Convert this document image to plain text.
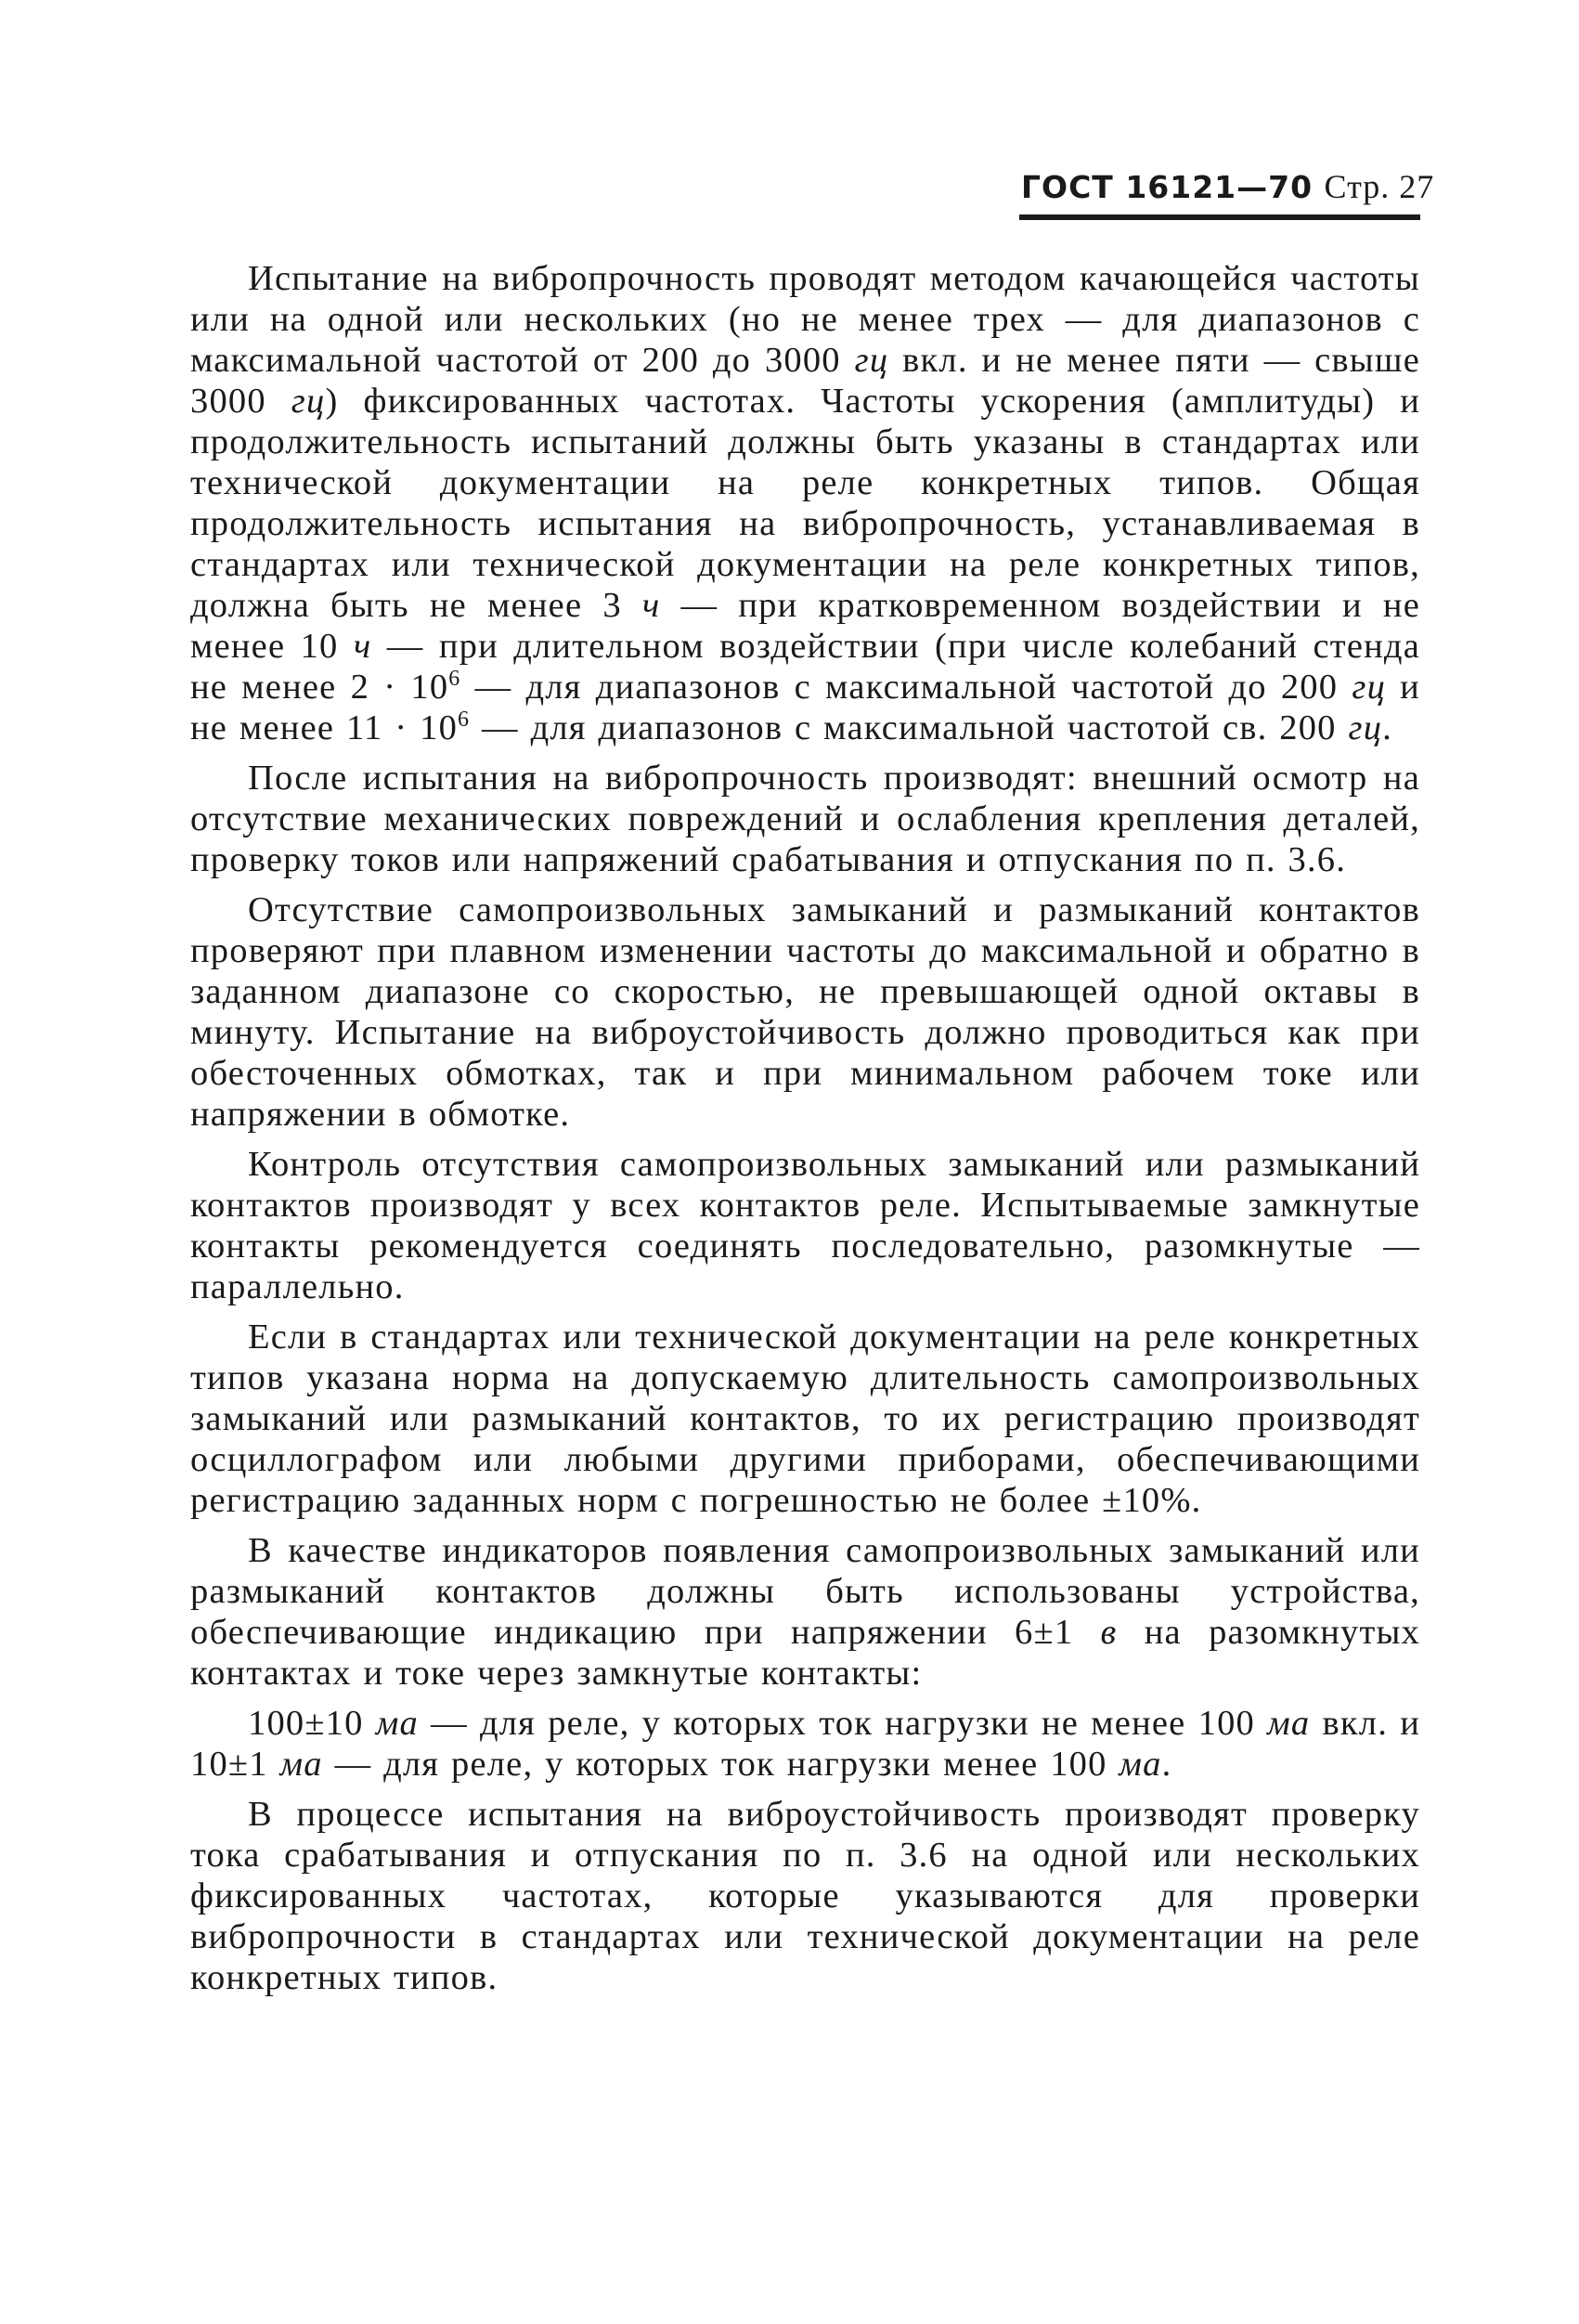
ГОСТ 16121—70 Стр. 27

Испытание на вибропрочность проводят методом качающейся частоты или на одной или нескольких (но не менее трех — для диапазонов с максимальной частотой от 200 до 3000 гц вкл. и не менее пяти — свыше 3000 гц) фиксированных частотах. Частоты ускорения (амплитуды) и продолжительность испытаний должны быть указаны в стандартах или технической документации на реле конкретных типов. Общая продолжительность испытания на вибропрочность, устанавливаемая в стандартах или технической документации на реле конкретных типов, должна быть не менее 3 ч — при кратковременном воздействии и не менее 10 ч — при длительном воздействии (при числе колебаний стенда не менее $2 \cdot 10^6$ — для диапазонов с максимальной частотой до 200 гц и не менее $11 \cdot 10^6$ — для диапазонов с максимальной частотой св. 200 гц.

После испытания на вибропрочность производят: внешний осмотр на отсутствие механических повреждений и ослабления крепления деталей, проверку токов или напряжений срабатывания и отпускания по п. 3.6.

Отсутствие самопроизвольных замыканий и размыканий контактов проверяют при плавном изменении частоты до максимальной и обратно в заданном диапазоне со скоростью, не превышающей одной октавы в минуту. Испытание на виброустойчивость должно проводиться как при обесточенных обмотках, так и при минимальном рабочем токе или напряжении в обмотке.

Контроль отсутствия самопроизвольных замыканий или размыканий контактов производят у всех контактов реле. Испытываемые замкнутые контакты рекомендуется соединять последовательно, разомкнутые — параллельно.

Если в стандартах или технической документации на реле конкретных типов указана норма на допускаемую длительность самопроизвольных замыканий или размыканий контактов, то их регистрацию производят осциллографом или любыми другими приборами, обеспечивающими регистрацию заданных норм с погрешностью не более ±10%.

В качестве индикаторов появления самопроизвольных замыканий или размыканий контактов должны быть использованы устройства, обеспечивающие индикацию при напряжении 6±1 в на разомкнутых контактах и токе через замкнутые контакты:

100±10 ма — для реле, у которых ток нагрузки не менее 100 ма вкл. и 10±1 ма — для реле, у которых ток нагрузки менее 100 ма.

В процессе испытания на виброустойчивость производят проверку тока срабатывания и отпускания по п. 3.6 на одной или нескольких фиксированных частотах, которые указываются для проверки вибропрочности в стандартах или технической документации на реле конкретных типов.
